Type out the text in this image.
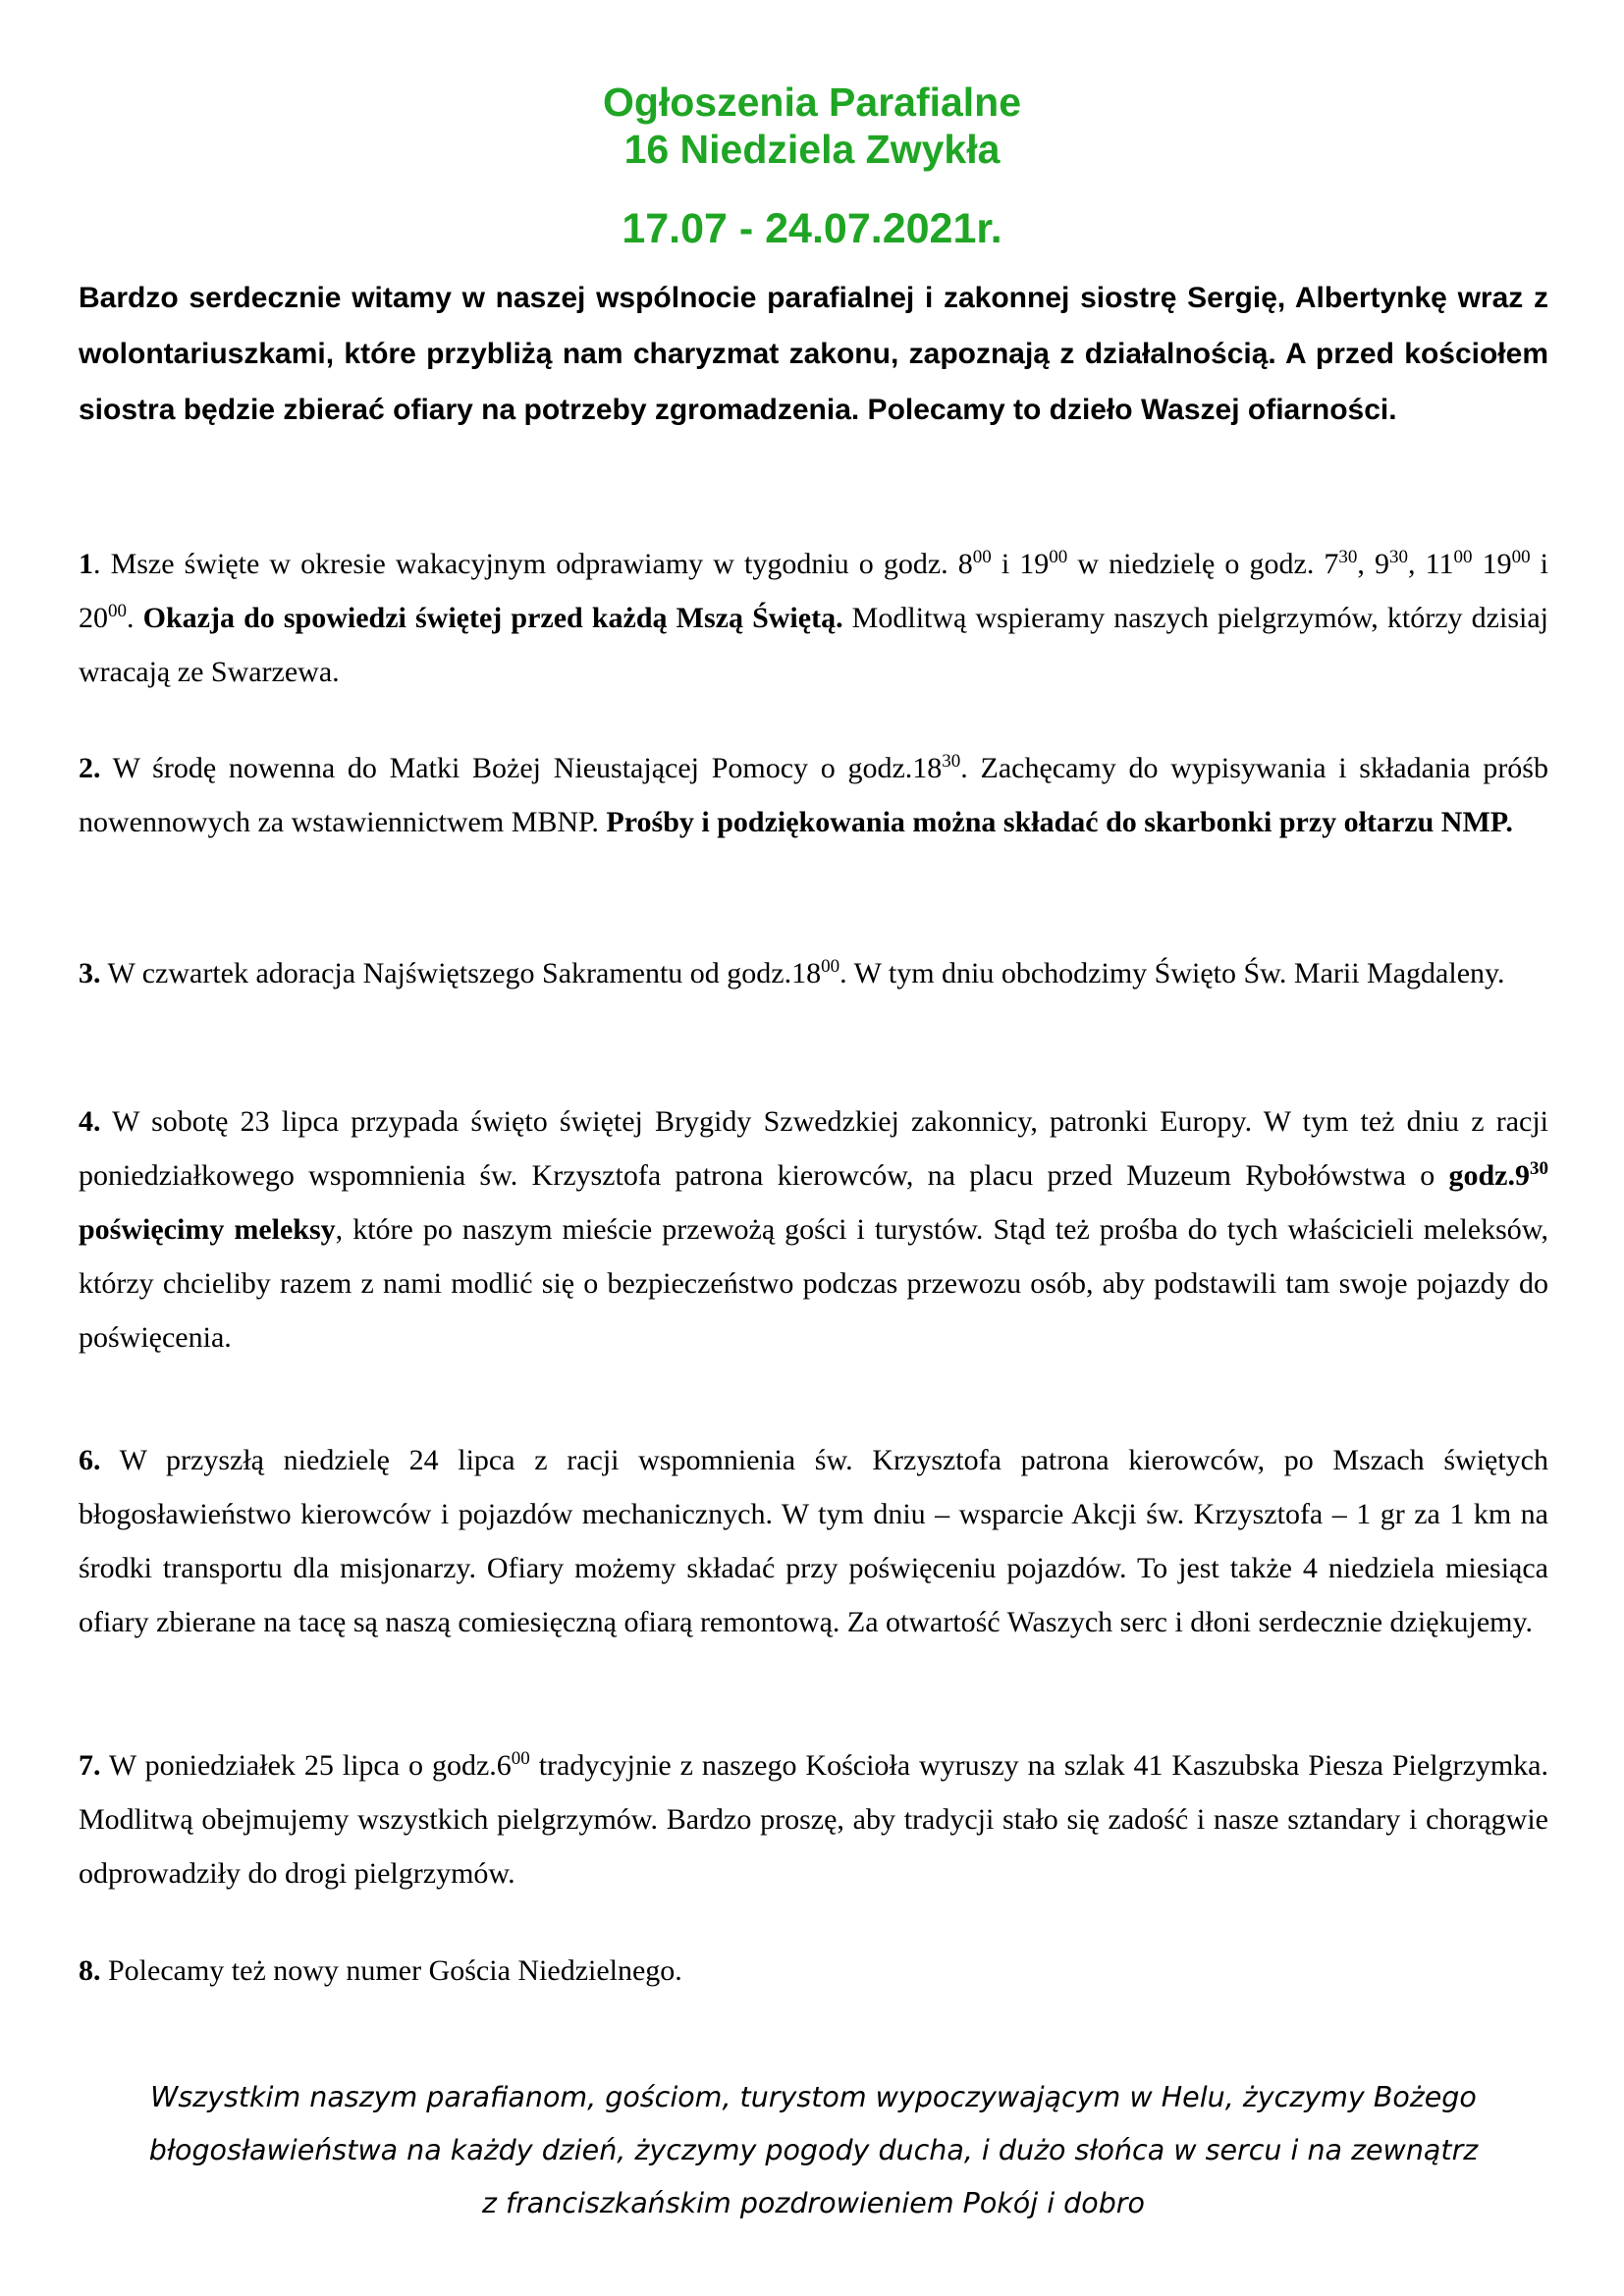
Ogłoszenia Parafialne
16 Niedziela Zwykła
17.07 - 24.07.2021r.

Bardzo serdecznie witamy w naszej wspólnocie parafialnej i zakonnej siostrę Sergię, Albertynkę wraz z wolontariuszkami, które przybliżą nam charyzmat zakonu, zapoznają z działalnością. A przed kościołem siostra będzie zbierać ofiary na potrzeby zgromadzenia. Polecamy to dzieło Waszej ofiarności.

1. Msze święte w okresie wakacyjnym odprawiamy w tygodniu o godz. $8^{00}$ i $19^{00}$ w niedzielę o godz. $7^{30}$, $9^{30}$, $11^{00}$ $19^{00}$ i $20^{00}$. Okazja do spowiedzi świętej przed każdą Mszą Świętą. Modlitwą wspieramy naszych pielgrzymów, którzy dzisiaj wracają ze Swarzewa.

2. W środę nowenna do Matki Bożej Nieustającej Pomocy o $godz.18^{30}$. Zachęcamy do wypisywania i składania próśb nowennowych za wstawiennictwem MBNP. Prośby i podziękowania można składać do skarbonki przy ołtarzu NMP.

3. W czwartek adoracja Najświętszego Sakramentu od $godz.18^{00}$. W tym dniu obchodzimy Święto Św. Marii Magdaleny.

4. W sobotę 23 lipca przypada święto świętej Brygidy Szwedzkiej zakonnicy, patronki Europy. W tym też dniu z racji poniedziałkowego wspomnienia św. Krzysztofa patrona kierowców, na placu przed Muzeum Rybołówstwa o $godz.9^{30}$ poświęcimy meleksy, które po naszym mieście przewożą gości i turystów. Stąd też prośba do tych właścicieli meleksów, którzy chcieliby razem z nami modlić się o bezpieczeństwo podczas przewozu osób, aby podstawili tam swoje pojazdy do poświęcenia.

6. W przyszłą niedzielę 24 lipca z racji wspomnienia św. Krzysztofa patrona kierowców, po Mszach świętych błogosławieństwo kierowców i pojazdów mechanicznych. W tym dniu – wsparcie Akcji św. Krzysztofa – 1 gr za 1 km na środki transportu dla misjonarzy. Ofiary możemy składać przy poświęceniu pojazdów. To jest także 4 niedziela miesiąca ofiary zbierane na tacę są naszą comiesięczną ofiarą remontową. Za otwartość Waszych serc i dłoni serdecznie dziękujemy.

7. W poniedziałek 25 lipca o $godz.6^{00}$ tradycyjnie z naszego Kościoła wyruszy na szlak 41 Kaszubska Piesza Pielgrzymka. Modlitwą obejmujemy wszystkich pielgrzymów. Bardzo proszę, aby tradycji stało się zadość i nasze sztandary i chorągwie odprowadziły do drogi pielgrzymów.

8. Polecamy też nowy numer Gościa Niedzielnego.

Wszystkim naszym parafianom, gościom, turystom wypoczywającym w Helu, życzymy Bożego
błogosławieństwa na każdy dzień, życzymy pogody ducha, i dużo słońca w sercu i na zewnątrz
z franciszkańskim pozdrowieniem Pokój i dobro
